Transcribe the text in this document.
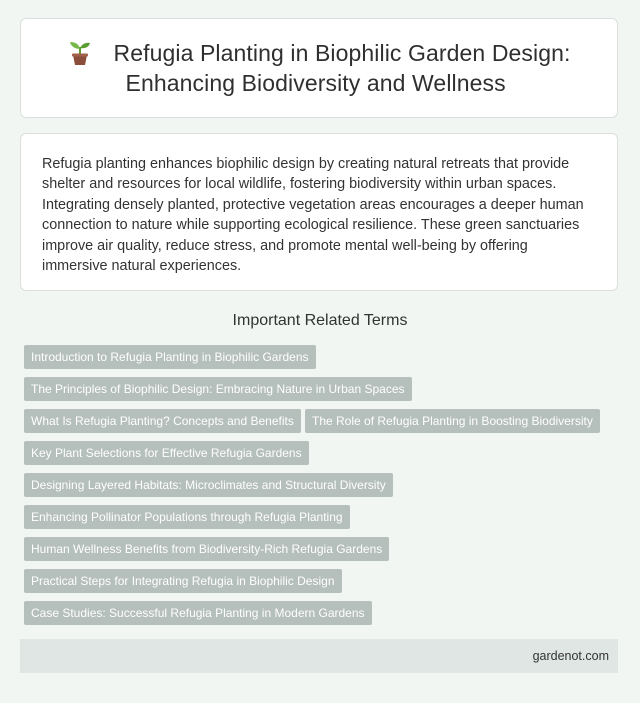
Refugia Planting in Biophilic Garden Design:
Enhancing Biodiversity and Wellness

Refugia planting enhances biophilic design by creating natural retreats that provide shelter and resources for local wildlife, fostering biodiversity within urban spaces. Integrating densely planted, protective vegetation areas encourages a deeper human connection to nature while supporting ecological resilience. These green sanctuaries improve air quality, reduce stress, and promote mental well-being by offering immersive natural experiences.

Important Related Terms
Introduction to Refugia Planting in Biophilic Gardens
The Principles of Biophilic Design: Embracing Nature in Urban Spaces
What Is Refugia Planting? Concepts and Benefits	The Role of Refugia Planting in Boosting Biodiversity
Key Plant Selections for Effective Refugia Gardens
Designing Layered Habitats: Microclimates and Structural Diversity
Enhancing Pollinator Populations through Refugia Planting
Human Wellness Benefits from Biodiversity-Rich Refugia Gardens
Practical Steps for Integrating Refugia in Biophilic Design
Case Studies: Successful Refugia Planting in Modern Gardens
gardenot.com
